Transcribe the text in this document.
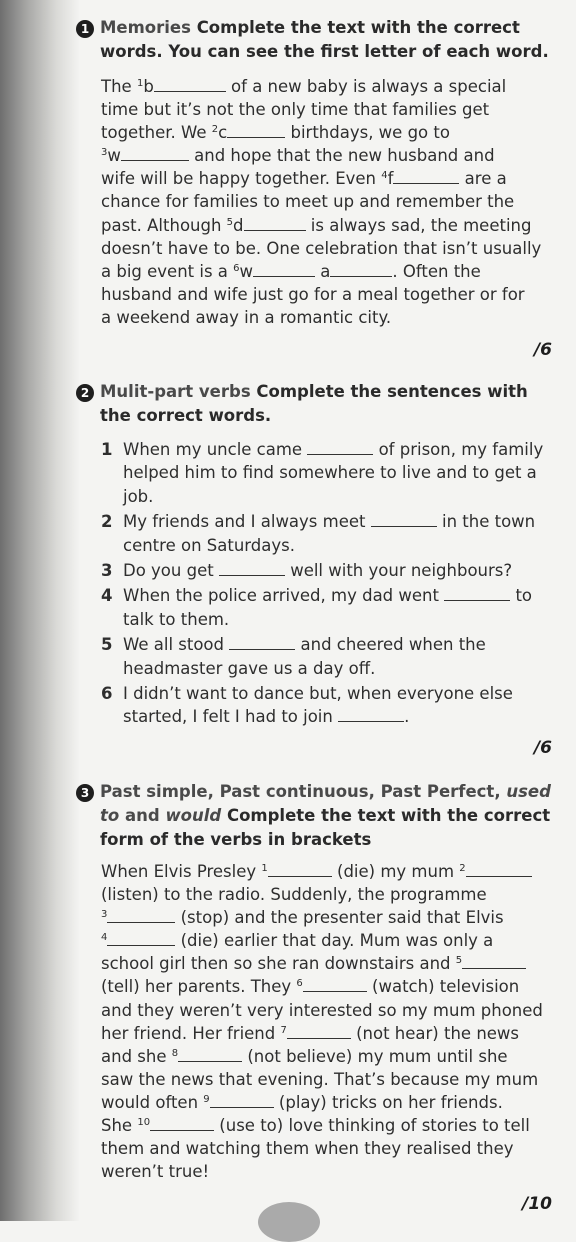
1 Memories Complete the text with the correct words. You can see the first letter of each word.

The $^1$b	of a new baby is always a special

time but it’s not the only time that families get

together. We $^2$c	birthdays, we go to

$^3$w	and hope that the new husband and

wife will be happy together. Even $^4$f	are a

chance for families to meet up and remember the

past. Although $^5$d	is always sad, the meeting

doesn’t have to be. One celebration that isn’t usually

a big event is a $^6$w	a	. Often the

husband and wife just go for a meal together or for

a weekend away in a romantic city.

/6
2 Mulit-part verbs Complete the sentences with the correct words.
1 When my uncle came	of prison, my family

helped him to find somewhere to live and to get a

job.

2 My friends and I always meet	in the town

centre on Saturdays.

3 Do you get	well with your neighbours?

4 When the police arrived, my dad went	to

talk to them.

5 We all stood	and cheered when the

headmaster gave us a day off.

6 I didn’t want to dance but, when everyone else

started, I felt I had to join	.

/6
3 Past simple, Past continuous, Past Perfect, used to and would Complete the text with the correct form of the verbs in brackets

When Elvis Presley $^1$	(die) my mum $^2$

(listen) to the radio. Suddenly, the programme

$^3$	(stop) and the presenter said that Elvis

$^4$	(die) earlier that day. Mum was only a

school girl then so she ran downstairs and $^5$

(tell) her parents. They $^6$	(watch) television

and they weren’t very interested so my mum phoned

her friend. Her friend $^7$	(not hear) the news

and she $^8$	(not believe) my mum until she

saw the news that evening. That’s because my mum

would often $^9$	(play) tricks on her friends.

She $^{10}$	(use to) love thinking of stories to tell

them and watching them when they realised they

weren’t true!

/10
